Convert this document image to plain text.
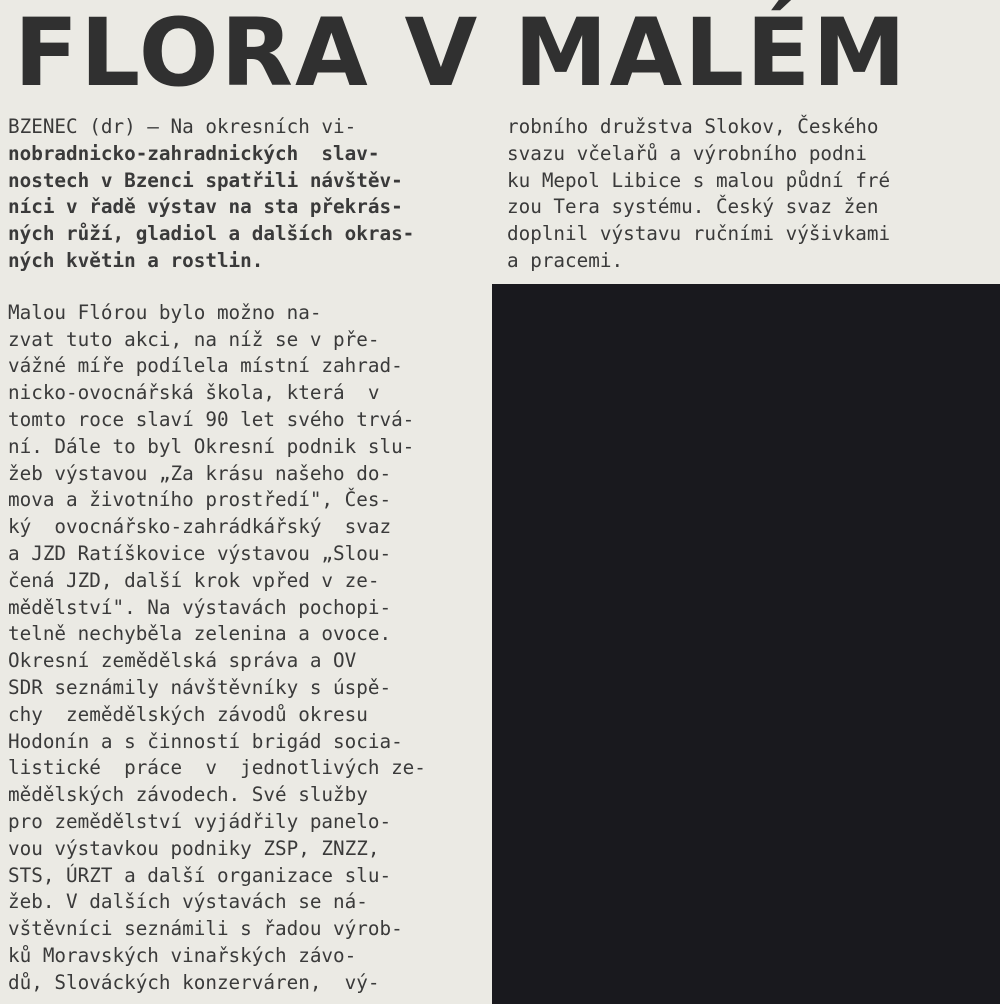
FLORA V MALÉM
BZENEC (dr) — Na okresních vi-
nobradnicko-zahradnických  slav-
nostech v Bzenci spatřili návštěv-
níci v řadě výstav na sta překrás-
ných růží, gladiol a dalších okras-
ných květin a rostlin.
Malou Flórou bylo možno na-
zvat tuto akci, na níž se v pře-
vážné míře podílela místní zahrad-
nicko-ovocnářská škola, která  v
tomto roce slaví 90 let svého trvá-
ní. Dále to byl Okresní podnik slu-
žeb výstavou „Za krásu našeho do-
mova a životního prostředí", Čes-
ký  ovocnářsko-zahrádkářský  svaz
a JZD Ratíškovice výstavou „Slou-
čená JZD, další krok vpřed v ze-
mědělství". Na výstavách pochopi-
telně nechyběla zelenina a ovoce.
Okresní zemědělská správa a OV
SDR seznámily návštěvníky s úspě-
chy  zemědělských závodů okresu
Hodonín a s činností brigád socia-
listické  práce  v  jednotlivých ze-
mědělských závodech. Své služby
pro zemědělství vyjádřily panelo-
vou výstavkou podniky ZSP, ZNZZ,
STS, ÚRZT a další organizace slu-
žeb. V dalších výstavách se ná-
vštěvníci seznámili s řadou výrob-
ků Moravských vinařských závo-
dů, Slováckých konzerváren,  vý-
robního družstva Slokov, Českého
svazu včelařů a výrobního podni
ku Mepol Libice s malou půdní fré
zou Tera systému. Český svaz žen
doplnil výstavu ručními výšivkami
a pracemi.
